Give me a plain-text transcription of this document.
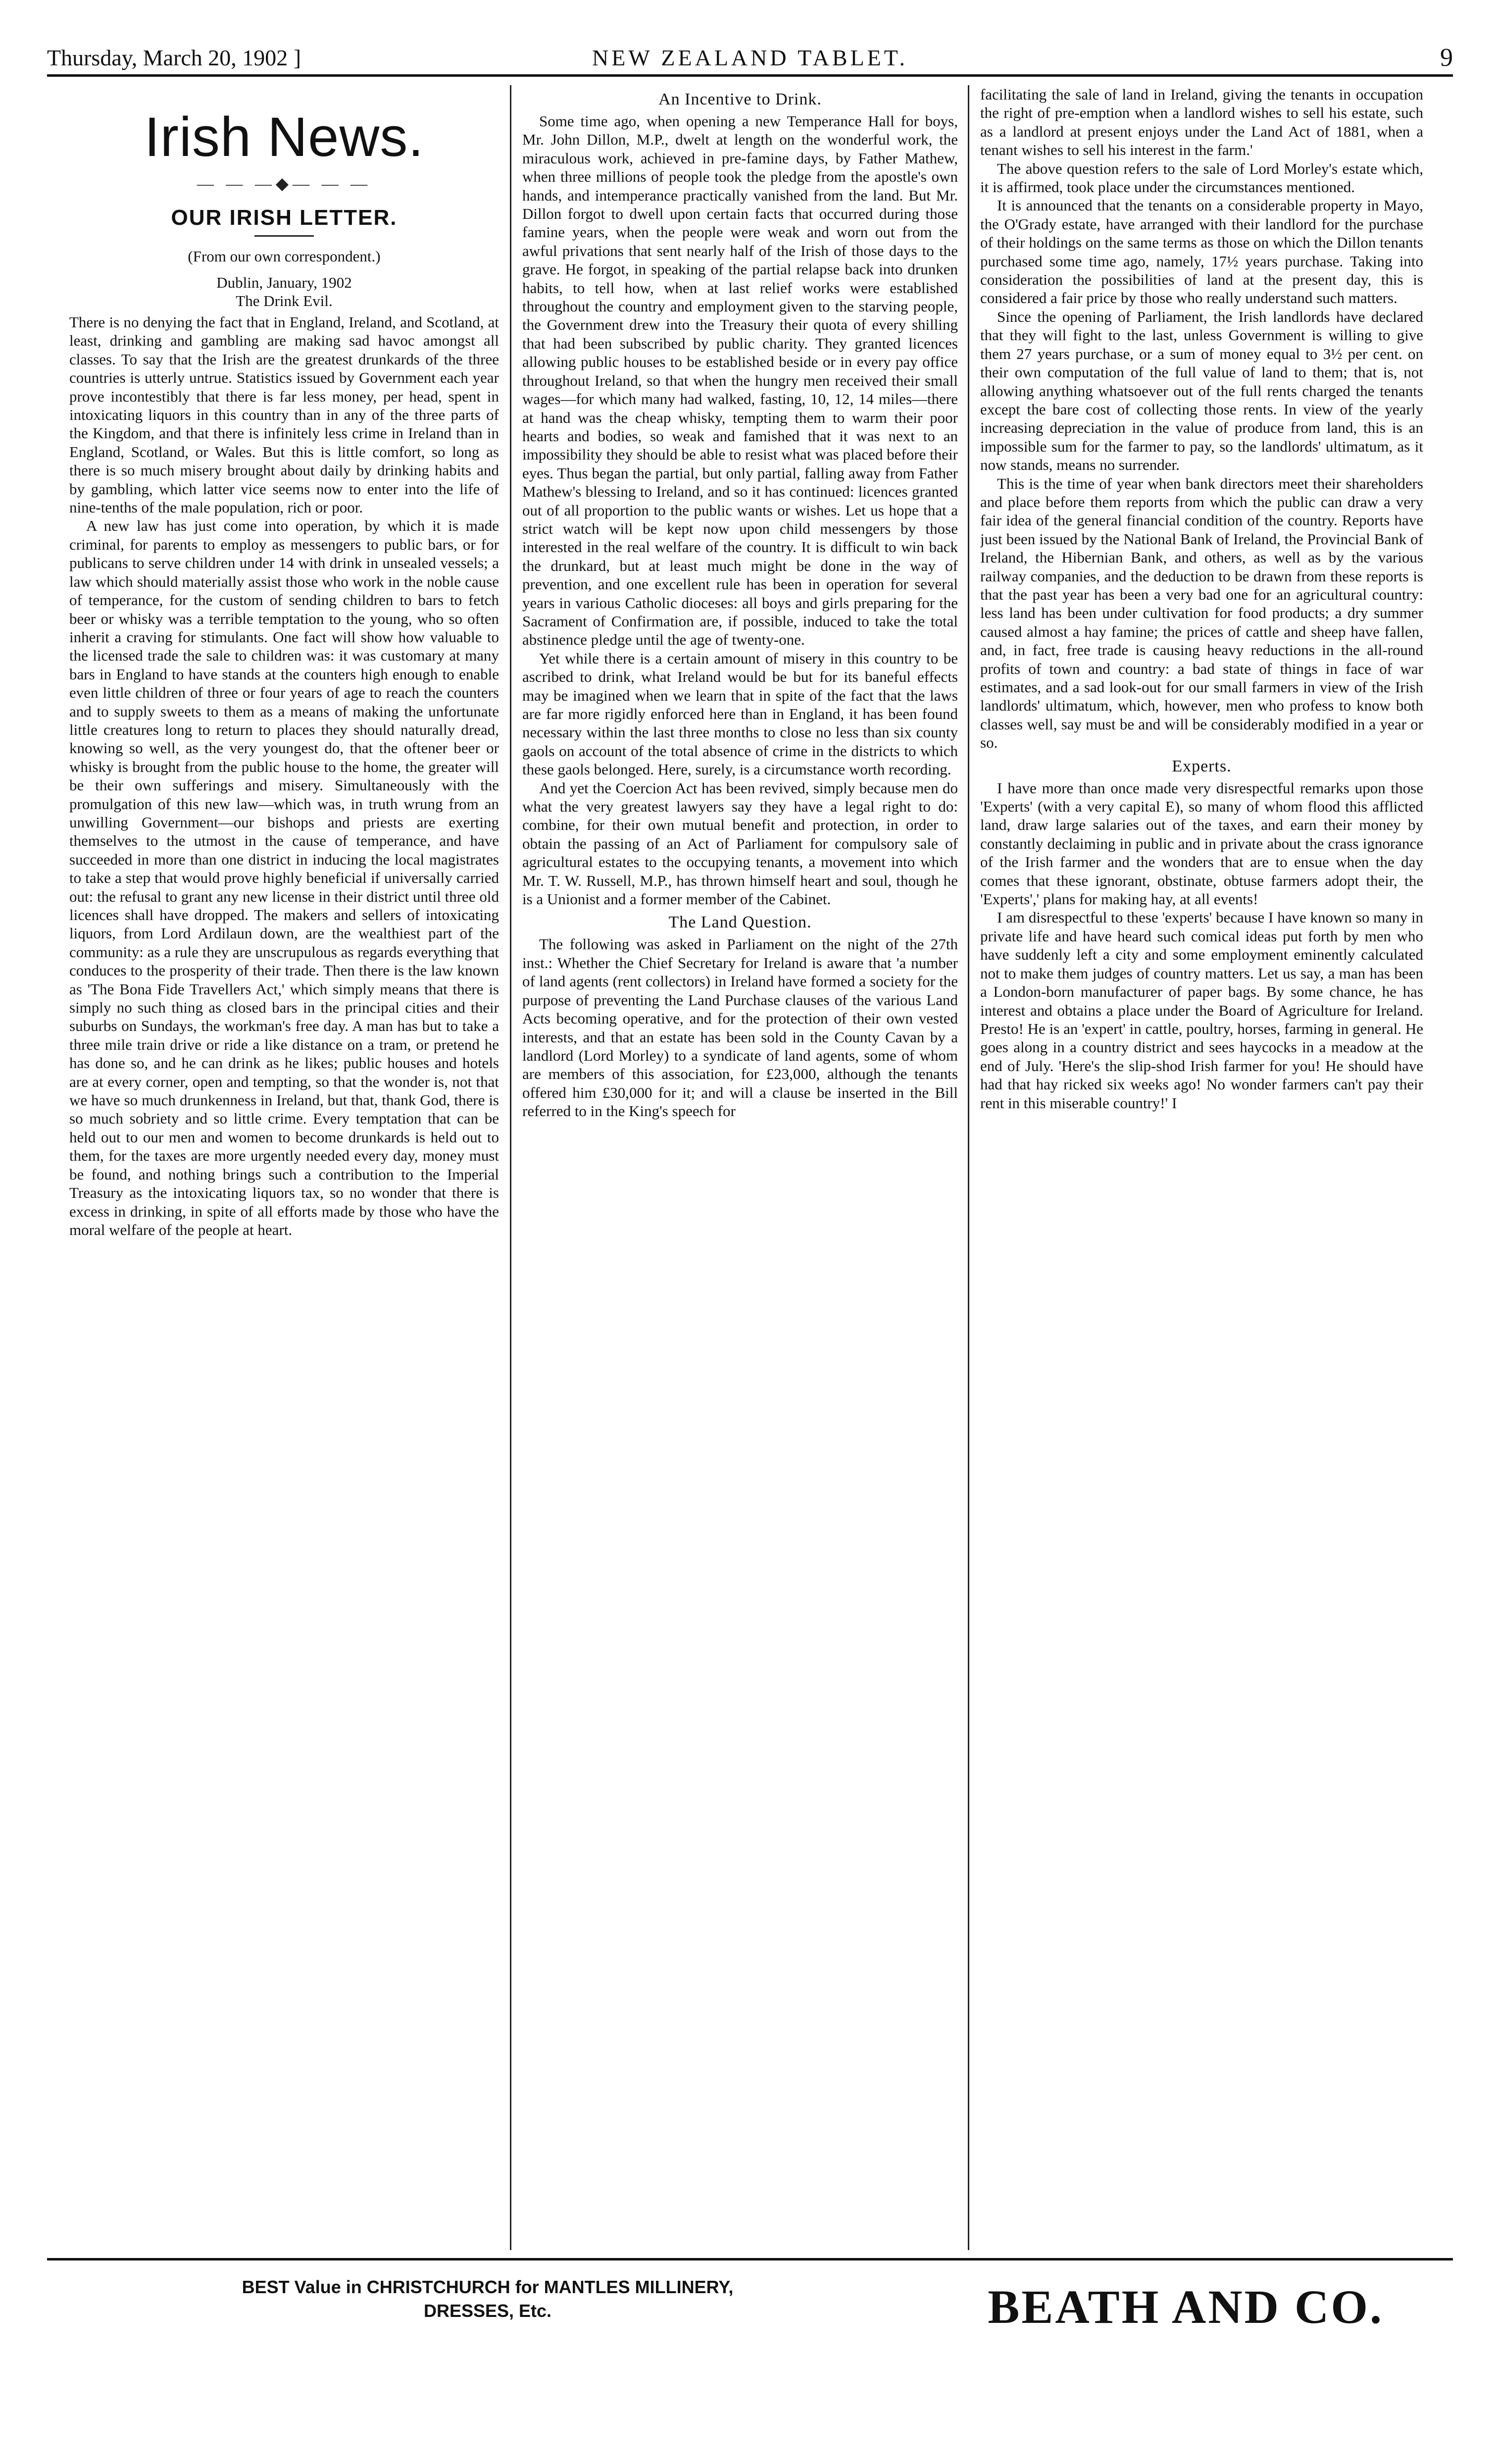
Thursday, March 20, 1902 ]	NEW ZEALAND TABLET.	9
Irish News.
— — —◆— — —
OUR IRISH LETTER.
(From our own correspondent.)
Dublin, January, 1902
The Drink Evil.

There is no denying the fact that in England, Ireland, and Scotland, at least, drinking and gambling are making sad havoc amongst all classes. To say that the Irish are the greatest drunkards of the three countries is utterly untrue. Statistics issued by Government each year prove incontestibly that there is far less money, per head, spent in intoxicating liquors in this country than in any of the three parts of the Kingdom, and that there is infinitely less crime in Ireland than in England, Scotland, or Wales. But this is little comfort, so long as there is so much misery brought about daily by drinking habits and by gambling, which latter vice seems now to enter into the life of nine-tenths of the male population, rich or poor.

A new law has just come into operation, by which it is made criminal, for parents to employ as messengers to public bars, or for publicans to serve children under 14 with drink in unsealed vessels; a law which should materially assist those who work in the noble cause of temperance, for the custom of sending children to bars to fetch beer or whisky was a terrible temptation to the young, who so often inherit a craving for stimulants. One fact will show how valuable to the licensed trade the sale to children was: it was customary at many bars in England to have stands at the counters high enough to enable even little children of three or four years of age to reach the counters and to supply sweets to them as a means of making the unfortunate little creatures long to return to places they should naturally dread, knowing so well, as the very youngest do, that the oftener beer or whisky is brought from the public house to the home, the greater will be their own sufferings and misery. Simultaneously with the promulgation of this new law—which was, in truth wrung from an unwilling Government—our bishops and priests are exerting themselves to the utmost in the cause of temperance, and have succeeded in more than one district in inducing the local magistrates to take a step that would prove highly beneficial if universally carried out: the refusal to grant any new license in their district until three old licences shall have dropped. The makers and sellers of intoxicating liquors, from Lord Ardilaun down, are the wealthiest part of the community: as a rule they are unscrupulous as regards everything that conduces to the prosperity of their trade. Then there is the law known as 'The Bona Fide Travellers Act,' which simply means that there is simply no such thing as closed bars in the principal cities and their suburbs on Sundays, the workman's free day. A man has but to take a three mile train drive or ride a like distance on a tram, or pretend he has done so, and he can drink as he likes; public houses and hotels are at every corner, open and tempting, so that the wonder is, not that we have so much drunkenness in Ireland, but that, thank God, there is so much sobriety and so little crime. Every temptation that can be held out to our men and women to become drunkards is held out to them, for the taxes are more urgently needed every day, money must be found, and nothing brings such a contribution to the Imperial Treasury as the intoxicating liquors tax, so no wonder that there is excess in drinking, in spite of all efforts made by those who have the moral welfare of the people at heart.

An Incentive to Drink.

Some time ago, when opening a new Temperance Hall for boys, Mr. John Dillon, M.P., dwelt at length on the wonderful work, the miraculous work, achieved in pre-famine days, by Father Mathew, when three millions of people took the pledge from the apostle's own hands, and intemperance practically vanished from the land. But Mr. Dillon forgot to dwell upon certain facts that occurred during those famine years, when the people were weak and worn out from the awful privations that sent nearly half of the Irish of those days to the grave. He forgot, in speaking of the partial relapse back into drunken habits, to tell how, when at last relief works were established throughout the country and employment given to the starving people, the Government drew into the Treasury their quota of every shilling that had been subscribed by public charity. They granted licences allowing public houses to be established beside or in every pay office throughout Ireland, so that when the hungry men received their small wages—for which many had walked, fasting, 10, 12, 14 miles—there at hand was the cheap whisky, tempting them to warm their poor hearts and bodies, so weak and famished that it was next to an impossibility they should be able to resist what was placed before their eyes. Thus began the partial, but only partial, falling away from Father Mathew's blessing to Ireland, and so it has continued: licences granted out of all proportion to the public wants or wishes. Let us hope that a strict watch will be kept now upon child messengers by those interested in the real welfare of the country. It is difficult to win back the drunkard, but at least much might be done in the way of prevention, and one excellent rule has been in operation for several years in various Catholic dioceses: all boys and girls preparing for the Sacrament of Confirmation are, if possible, induced to take the total abstinence pledge until the age of twenty-one.

Yet while there is a certain amount of misery in this country to be ascribed to drink, what Ireland would be but for its baneful effects may be imagined when we learn that in spite of the fact that the laws are far more rigidly enforced here than in England, it has been found necessary within the last three months to close no less than six county gaols on account of the total absence of crime in the districts to which these gaols belonged. Here, surely, is a circumstance worth recording.

And yet the Coercion Act has been revived, simply because men do what the very greatest lawyers say they have a legal right to do: combine, for their own mutual benefit and protection, in order to obtain the passing of an Act of Parliament for compulsory sale of agricultural estates to the occupying tenants, a movement into which Mr. T. W. Russell, M.P., has thrown himself heart and soul, though he is a Unionist and a former member of the Cabinet.

The Land Question.

The following was asked in Parliament on the night of the 27th inst.: Whether the Chief Secretary for Ireland is aware that 'a number of land agents (rent collectors) in Ireland have formed a society for the purpose of preventing the Land Purchase clauses of the various Land Acts becoming operative, and for the protection of their own vested interests, and that an estate has been sold in the County Cavan by a landlord (Lord Morley) to a syndicate of land agents, some of whom are members of this association, for £23,000, although the tenants offered him £30,000 for it; and will a clause be inserted in the Bill referred to in the King's speech for

facilitating the sale of land in Ireland, giving the tenants in occupation the right of pre-emption when a landlord wishes to sell his estate, such as a landlord at present enjoys under the Land Act of 1881, when a tenant wishes to sell his interest in the farm.'

The above question refers to the sale of Lord Morley's estate which, it is affirmed, took place under the circumstances mentioned.

It is announced that the tenants on a considerable property in Mayo, the O'Grady estate, have arranged with their landlord for the purchase of their holdings on the same terms as those on which the Dillon tenants purchased some time ago, namely, 17½ years purchase. Taking into consideration the possibilities of land at the present day, this is considered a fair price by those who really understand such matters.

Since the opening of Parliament, the Irish landlords have declared that they will fight to the last, unless Government is willing to give them 27 years purchase, or a sum of money equal to 3½ per cent. on their own computation of the full value of land to them; that is, not allowing anything whatsoever out of the full rents charged the tenants except the bare cost of collecting those rents. In view of the yearly increasing depreciation in the value of produce from land, this is an impossible sum for the farmer to pay, so the landlords' ultimatum, as it now stands, means no surrender.

This is the time of year when bank directors meet their shareholders and place before them reports from which the public can draw a very fair idea of the general financial condition of the country. Reports have just been issued by the National Bank of Ireland, the Provincial Bank of Ireland, the Hibernian Bank, and others, as well as by the various railway companies, and the deduction to be drawn from these reports is that the past year has been a very bad one for an agricultural country: less land has been under cultivation for food products; a dry summer caused almost a hay famine; the prices of cattle and sheep have fallen, and, in fact, free trade is causing heavy reductions in the all-round profits of town and country: a bad state of things in face of war estimates, and a sad look-out for our small farmers in view of the Irish landlords' ultimatum, which, however, men who profess to know both classes well, say must be and will be considerably modified in a year or so.

Experts.

I have more than once made very disrespectful remarks upon those 'Experts' (with a very capital E), so many of whom flood this afflicted land, draw large salaries out of the taxes, and earn their money by constantly declaiming in public and in private about the crass ignorance of the Irish farmer and the wonders that are to ensue when the day comes that these ignorant, obstinate, obtuse farmers adopt their, the 'Experts',' plans for making hay, at all events!

I am disrespectful to these 'experts' because I have known so many in private life and have heard such comical ideas put forth by men who have suddenly left a city and some employment eminently calculated not to make them judges of country matters. Let us say, a man has been a London-born manufacturer of paper bags. By some chance, he has interest and obtains a place under the Board of Agriculture for Ireland. Presto! He is an 'expert' in cattle, poultry, horses, farming in general. He goes along in a country district and sees haycocks in a meadow at the end of July. 'Here's the slip-shod Irish farmer for you! He should have had that hay ricked six weeks ago! No wonder farmers can't pay their rent in this miserable country!' I

BEST Value in CHRISTCHURCH for MANTLES MILLINERY,
DRESSES, Etc.	BEATH AND CO.
